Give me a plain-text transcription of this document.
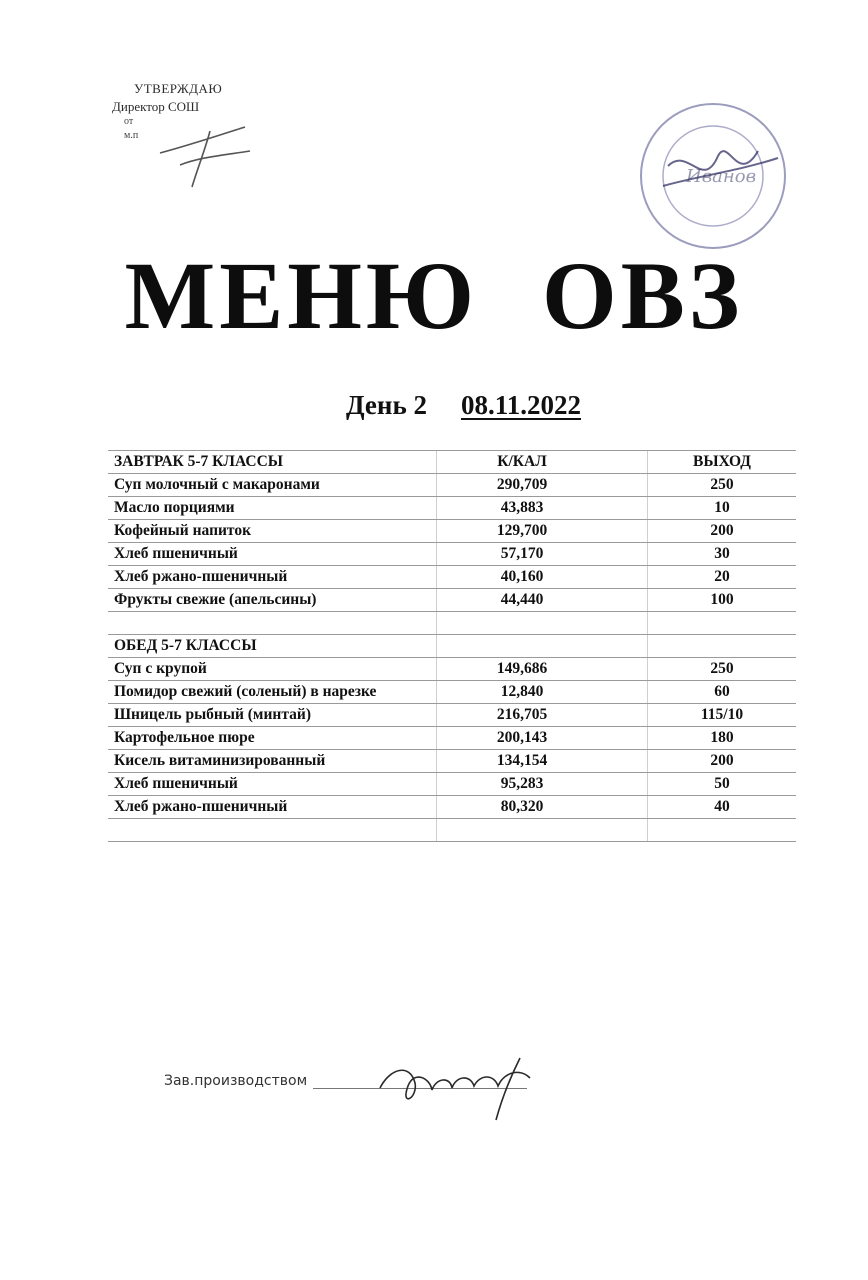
УТВЕРЖДАЮ
Директор СОШ
от
м.п
Иванов
МЕНЮ ОВЗ
День 2 08.11.2022
ЗАВТРАК 5-7 КЛАССЫ	К/КАЛ	ВЫХОД
Суп молочный с макаронами	290,709	250
Масло порциями	43,883	10
Кофейный напиток	129,700	200
Хлеб пшеничный	57,170	30
Хлеб ржано-пшеничный	40,160	20
Фрукты свежие (апельсины)	44,440	100

ОБЕД 5-7 КЛАССЫ		
Суп с крупой	149,686	250
Помидор свежий (соленый) в нарезке	12,840	60
Шницель рыбный (минтай)	216,705	115/10
Картофельное пюре	200,143	180
Кисель витаминизированный	134,154	200
Хлеб пшеничный	95,283	50
Хлеб ржано-пшеничный	80,320	40

Зав.производством
